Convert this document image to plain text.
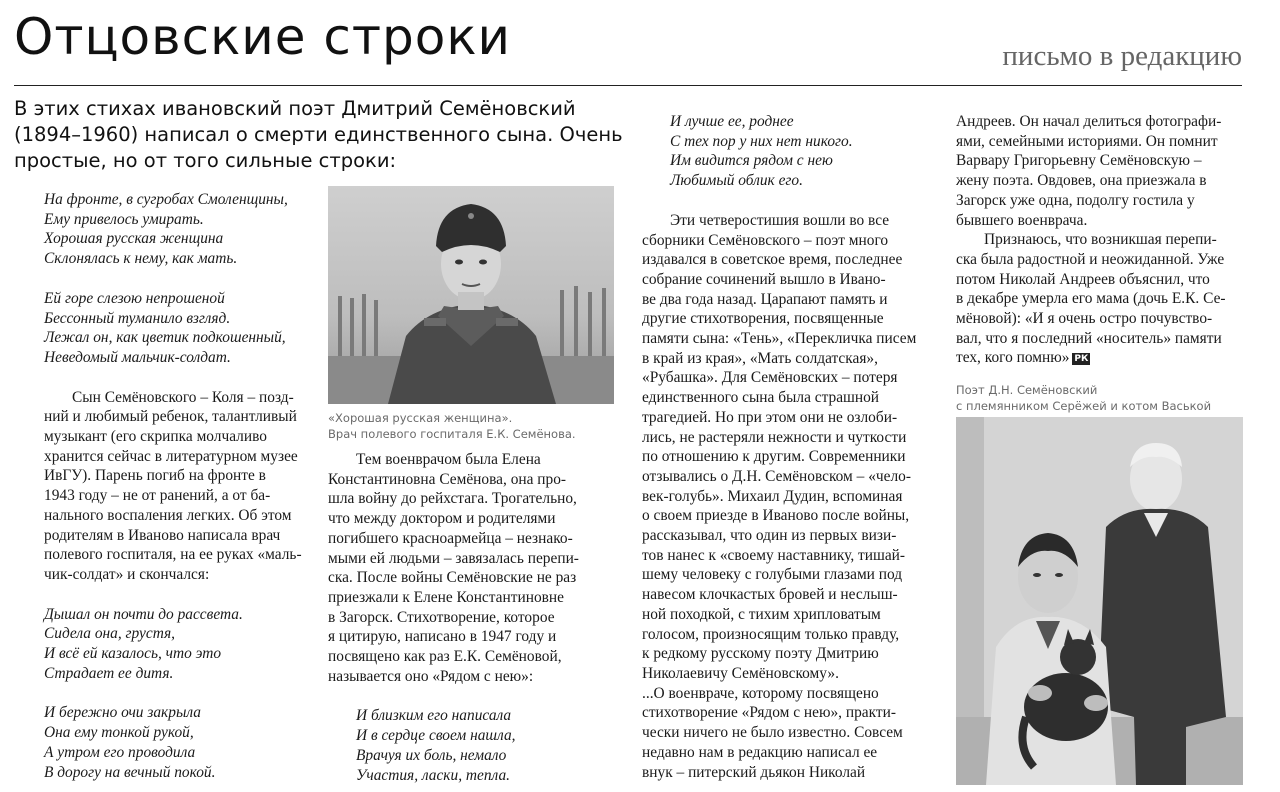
Отцовские строки	письмо в редакцию
В этих стихах ивановский поэт Дмитрий Семёновский (1894–1960) написал о смерти единственного сына. Очень простые, но от того сильные строки:

На фронте, в сугробах Смоленщины,

Ему привелось умирать.

Хорошая русская женщина

Склонялась к нему, как мать.

Ей горе слезою непрошеной

Бессонный туманило взгляд.

Лежал он, как цветик подкошенный,

Неведомый мальчик-солдат.

Сын Семёновского – Коля – позд-
ний и любимый ребенок, талантливый
музыкант (его скрипка молчаливо
хранится сейчас в литературном музее
ИвГУ). Парень погиб на фронте в
1943 году – не от ранений, а от ба-
нального воспаления легких. Об этом
родителям в Иваново написала врач
полевого госпиталя, на ее руках «маль-
чик-солдат» и скончался:

Дышал он почти до рассвета.

Сидела она, грустя,

И всё ей казалось, что это

Страдает ее дитя.

И бережно очи закрыла

Она ему тонкой рукой,

А утром его проводила

В дорогу на вечный покой.

«Хорошая русская женщина».
Врач полевого госпиталя Е.К. Семёнова.
Тем военврачом была Елена
Константиновна Семёнова, она про-
шла войну до рейхстага. Трогательно,
что между доктором и родителями
погибшего красноармейца – незнако-
мыми ей людьми – завязалась перепи-
ска. После войны Семёновские не раз
приезжали к Елене Константиновне
в Загорск. Стихотворение, которое
я цитирую, написано в 1947 году и
посвящено как раз Е.К. Семёновой,
называется оно «Рядом с нею»:

И близким его написала

И в сердце своем нашла,

Врачуя их боль, немало

Участия, ласки, тепла.

И лучше ее, роднее

С тех пор у них нет никого.

Им видится рядом с нею

Любимый облик его.

Эти четверостишия вошли во все
сборники Семёновского – поэт много
издавался в советское время, последнее
собрание сочинений вышло в Ивано-
ве два года назад. Царапают память и
другие стихотворения, посвященные
памяти сына: «Тень», «Перекличка писем
в край из края», «Мать солдатская»,
«Рубашка». Для Семёновских – потеря
единственного сына была страшной
трагедией. Но при этом они не озлоби-
лись, не растеряли нежности и чуткости
по отношению к другим. Современники
отзывались о Д.Н. Семёновском – «чело-
век-голубь». Михаил Дудин, вспоминая
о своем приезде в Иваново после войны,
рассказывал, что один из первых визи-
тов нанес к «своему наставнику, тишай-
шему человеку с голубыми глазами под
навесом клочкастых бровей и неслыш-
ной походкой, с тихим хрипловатым
голосом, произносящим только правду,
к редкому русскому поэту Дмитрию
Николаевичу Семёновскому».
...О военвраче, которому посвящено
стихотворение «Рядом с нею», практи-
чески ничего не было известно. Совсем
недавно нам в редакцию написал ее
внук – питерский дьякон Николай
Андреев. Он начал делиться фотографи-
ями, семейными историями. Он помнит
Варвару Григорьевну Семёновскую –
жену поэта. Овдовев, она приезжала в
Загорск уже одна, подолгу гостила у
бывшего военврача.
Признаюсь, что возникшая перепи-
ска была радостной и неожиданной. Уже
потом Николай Андреев объяснил, что
в декабре умерла его мама (дочь Е.К. Се-
мёновой): «И я очень остро почувство-
вал, что я последний «носитель» памяти
тех, кого помню» РК
Поэт Д.Н. Семёновский
с племянником Серёжей и котом Васькой
